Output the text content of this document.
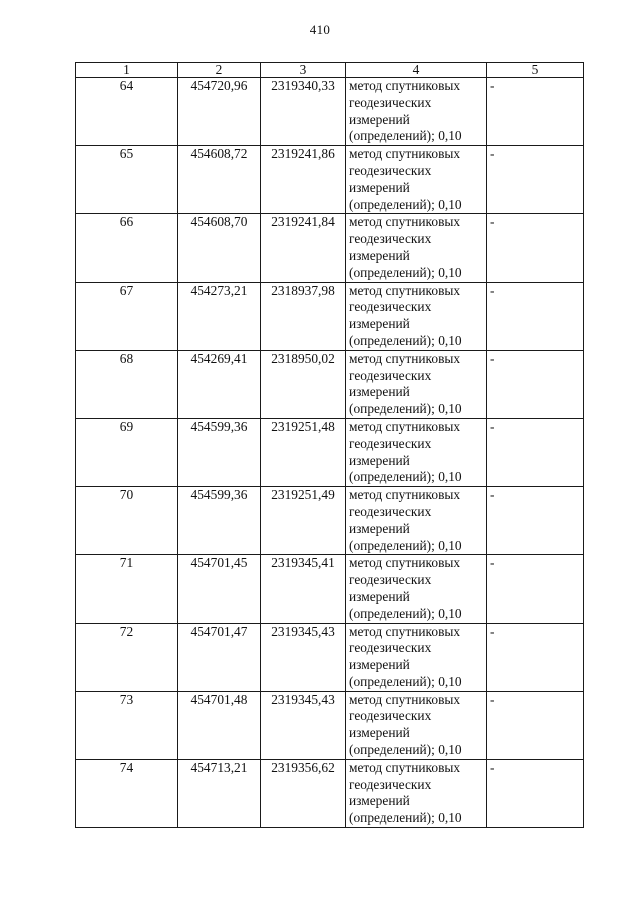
410
1	2	3	4	5
64	454720,96	2319340,33	метод спутниковых
геодезических
измерений
(определений); 0,10	-
65	454608,72	2319241,86	метод спутниковых
геодезических
измерений
(определений); 0,10	-
66	454608,70	2319241,84	метод спутниковых
геодезических
измерений
(определений); 0,10	-
67	454273,21	2318937,98	метод спутниковых
геодезических
измерений
(определений); 0,10	-
68	454269,41	2318950,02	метод спутниковых
геодезических
измерений
(определений); 0,10	-
69	454599,36	2319251,48	метод спутниковых
геодезических
измерений
(определений); 0,10	-
70	454599,36	2319251,49	метод спутниковых
геодезических
измерений
(определений); 0,10	-
71	454701,45	2319345,41	метод спутниковых
геодезических
измерений
(определений); 0,10	-
72	454701,47	2319345,43	метод спутниковых
геодезических
измерений
(определений); 0,10	-
73	454701,48	2319345,43	метод спутниковых
геодезических
измерений
(определений); 0,10	-
74	454713,21	2319356,62	метод спутниковых
геодезических
измерений
(определений); 0,10	-
